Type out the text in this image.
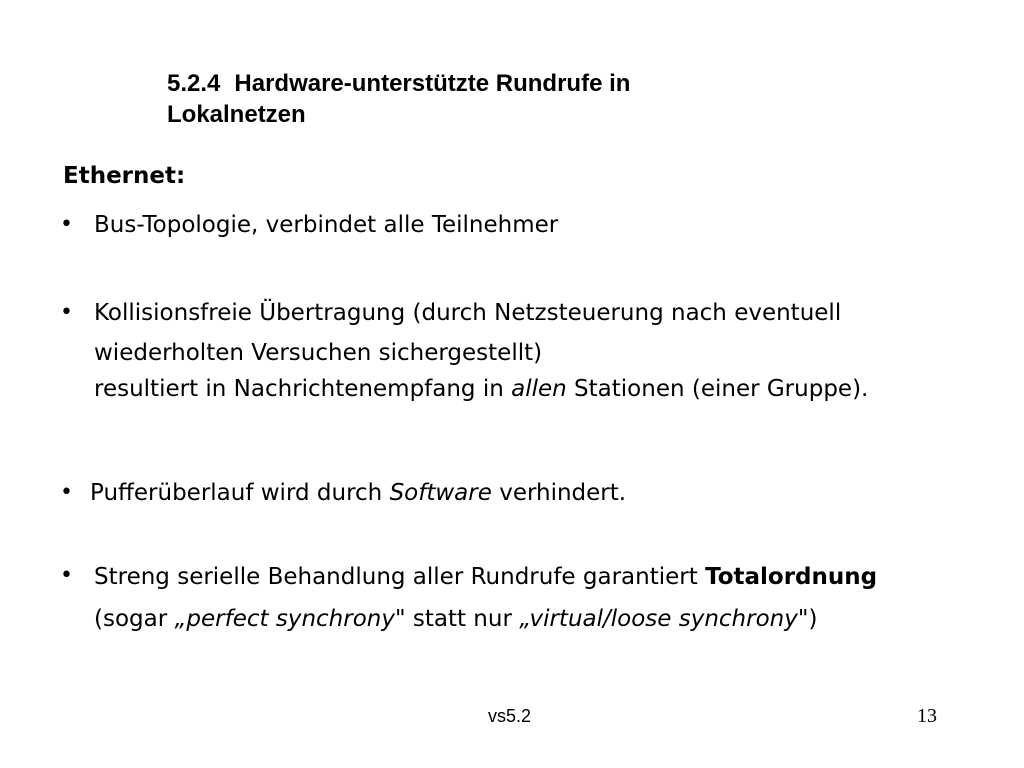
5.2.4 Hardware-unterstützte Rundrufe in
Lokalnetzen
Ethernet:
• Bus-Topologie, verbindet alle Teilnehmer
• Kollisionsfreie Übertragung (durch Netzsteuerung nach eventuell
wiederholten Versuchen sichergestellt)
resultiert in Nachrichtenempfang in allen Stationen (einer Gruppe).
• Pufferüberlauf wird durch Software verhindert.
• Streng serielle Behandlung aller Rundrufe garantiert Totalordnung
(sogar „perfect synchrony" statt nur „virtual/loose synchrony")
vs5.2	13
